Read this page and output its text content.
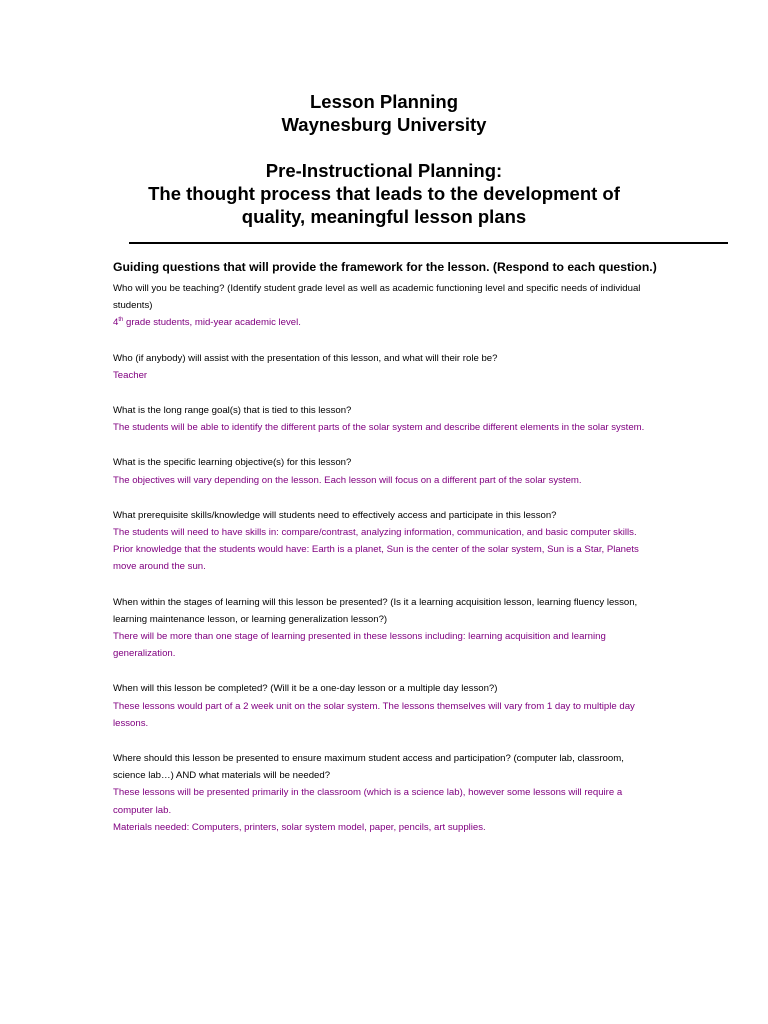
Lesson Planning
Waynesburg University
Pre-Instructional Planning:
The thought process that leads to the development of
quality, meaningful lesson plans

Guiding questions that will provide the framework for the lesson. (Respond to each question.)

Who will you be teaching? (Identify student grade level as well as academic functioning level and specific needs of individual students)
4th grade students, mid-year academic level.
Who (if anybody) will assist with the presentation of this lesson, and what will their role be?
Teacher
What is the long range goal(s) that is tied to this lesson?
The students will be able to identify the different parts of the solar system and describe different elements in the solar system.
What is the specific learning objective(s) for this lesson?
The objectives will vary depending on the lesson. Each lesson will focus on a different part of the solar system.
What prerequisite skills/knowledge will students need to effectively access and participate in this lesson?
The students will need to have skills in: compare/contrast, analyzing information, communication, and basic computer skills.
Prior knowledge that the students would have: Earth is a planet, Sun is the center of the solar system, Sun is a Star, Planets move around the sun.
When within the stages of learning will this lesson be presented? (Is it a learning acquisition lesson, learning fluency lesson, learning maintenance lesson, or learning generalization lesson?)
There will be more than one stage of learning presented in these lessons including: learning acquisition and learning generalization.
When will this lesson be completed? (Will it be a one-day lesson or a multiple day lesson?)
These lessons would part of a 2 week unit on the solar system. The lessons themselves will vary from 1 day to multiple day lessons.
Where should this lesson be presented to ensure maximum student access and participation? (computer lab, classroom, science lab…) AND what materials will be needed?
These lessons will be presented primarily in the classroom (which is a science lab), however some lessons will require a computer lab.
Materials needed: Computers, printers, solar system model, paper, pencils, art supplies.
